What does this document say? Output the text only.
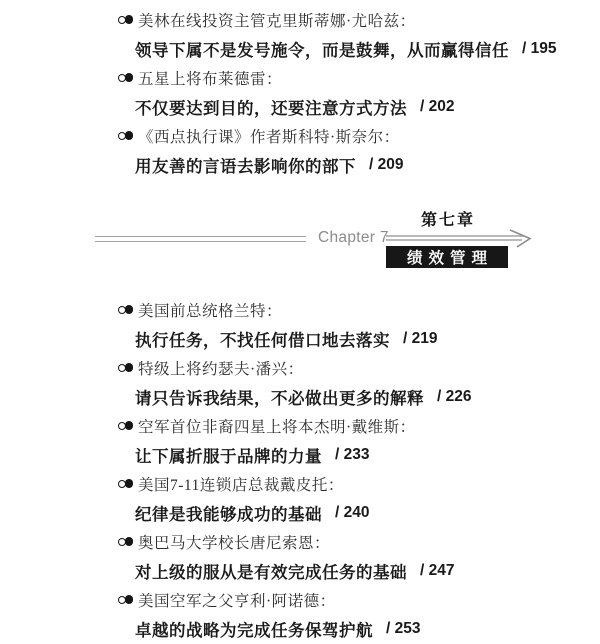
美林在线投资主管克里斯蒂娜·尤哈兹：
领导下属不是发号施令，而是鼓舞，从而赢得信任 / 195
五星上将布莱德雷：
不仅要达到目的，还要注意方式方法 / 202
《西点执行课》作者斯科特·斯奈尔：
用友善的言语去影响你的部下 / 209
Chapter 7
第七章
绩效管理
美国前总统格兰特：
执行任务，不找任何借口地去落实 / 219
特级上将约瑟夫·潘兴：
请只告诉我结果，不必做出更多的解释 / 226
空军首位非裔四星上将本杰明·戴维斯：
让下属折服于品牌的力量 / 233
美国7-11连锁店总裁戴皮托：
纪律是我能够成功的基础 / 240
奥巴马大学校长唐尼索恩：
对上级的服从是有效完成任务的基础 / 247
美国空军之父亨利·阿诺德：
卓越的战略为完成任务保驾护航 / 253
